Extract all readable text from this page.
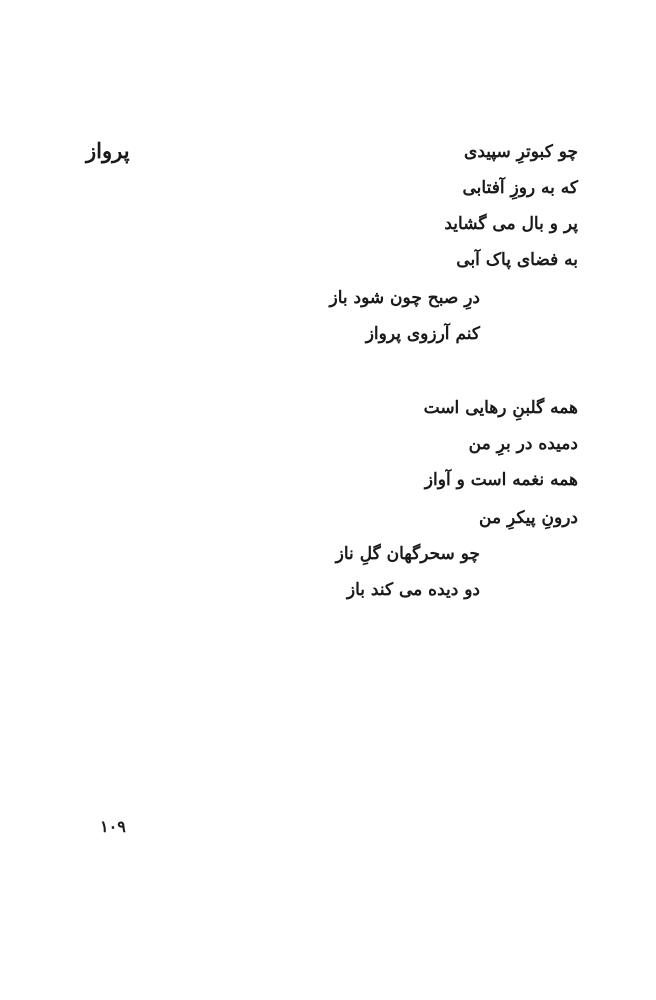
پرواز	چو کبوترِ سپیدی
که به روزِ آفتابی
پر و بال می گشاید
به فضای پاک آبی
درِ صبح چون شود باز
کنم آرزوی پرواز
همه گلبنِ رهایی است
دمیده در برِ من
همه نغمه است و آواز
درونِ پیکرِ من
چو سحرگهان گلِ ناز
دو دیده می کند باز
۱۰۹
